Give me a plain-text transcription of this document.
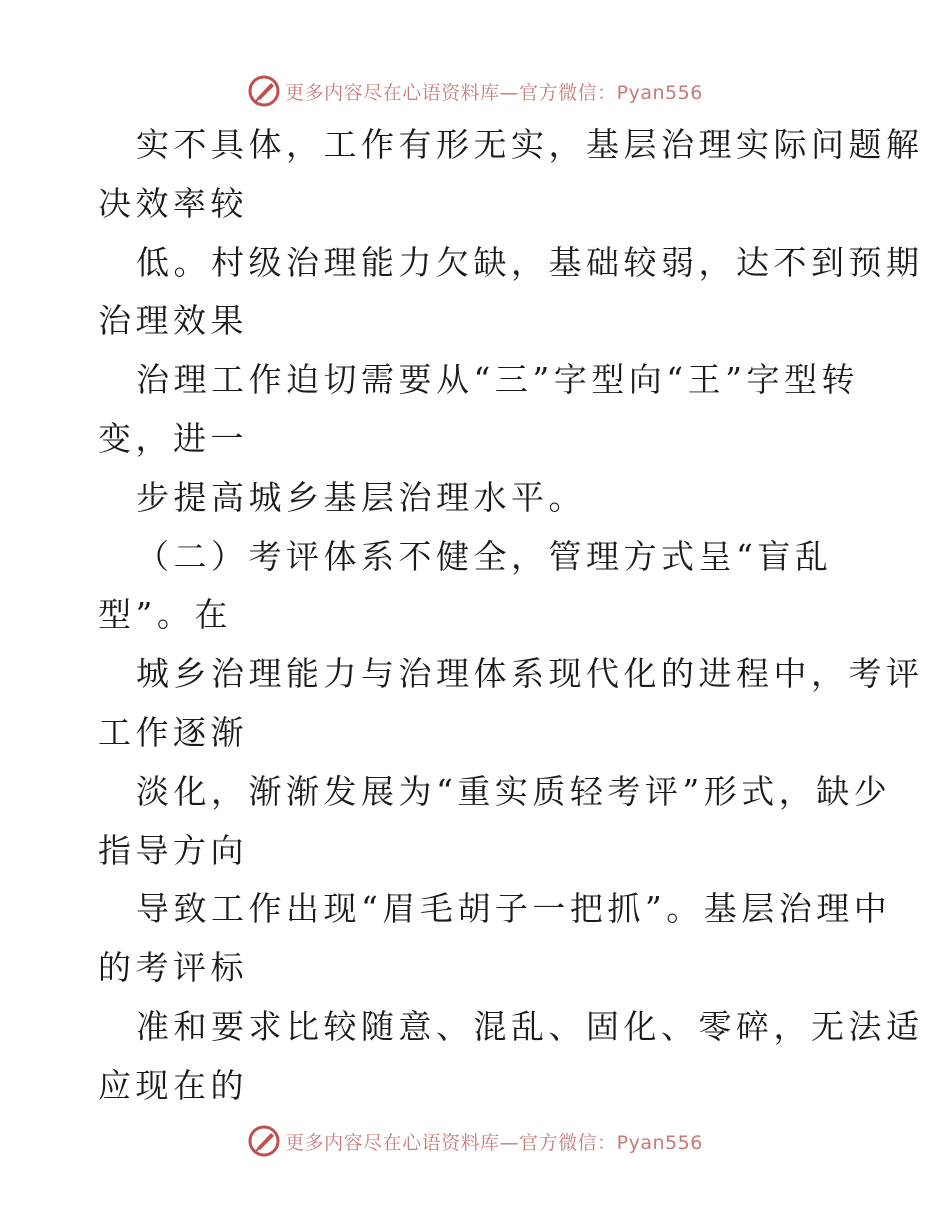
更多内容尽在心语资料库—官方微信：Pyan556
实不具体，工作有形无实，基层治理实际问题解
决效率较
低。村级治理能力欠缺，基础较弱，达不到预期
治理效果
治理工作迫切需要从“三”字型向“王”字型转
变，进一
步提高城乡基层治理水平。
（二）考评体系不健全，管理方式呈“盲乱
型”。在
城乡治理能力与治理体系现代化的进程中，考评
工作逐渐
淡化，渐渐发展为“重实质轻考评”形式，缺少
指导方向
导致工作出现“眉毛胡子一把抓”。基层治理中
的考评标
准和要求比较随意、混乱、固化、零碎，无法适
应现在的
更多内容尽在心语资料库—官方微信：Pyan556
